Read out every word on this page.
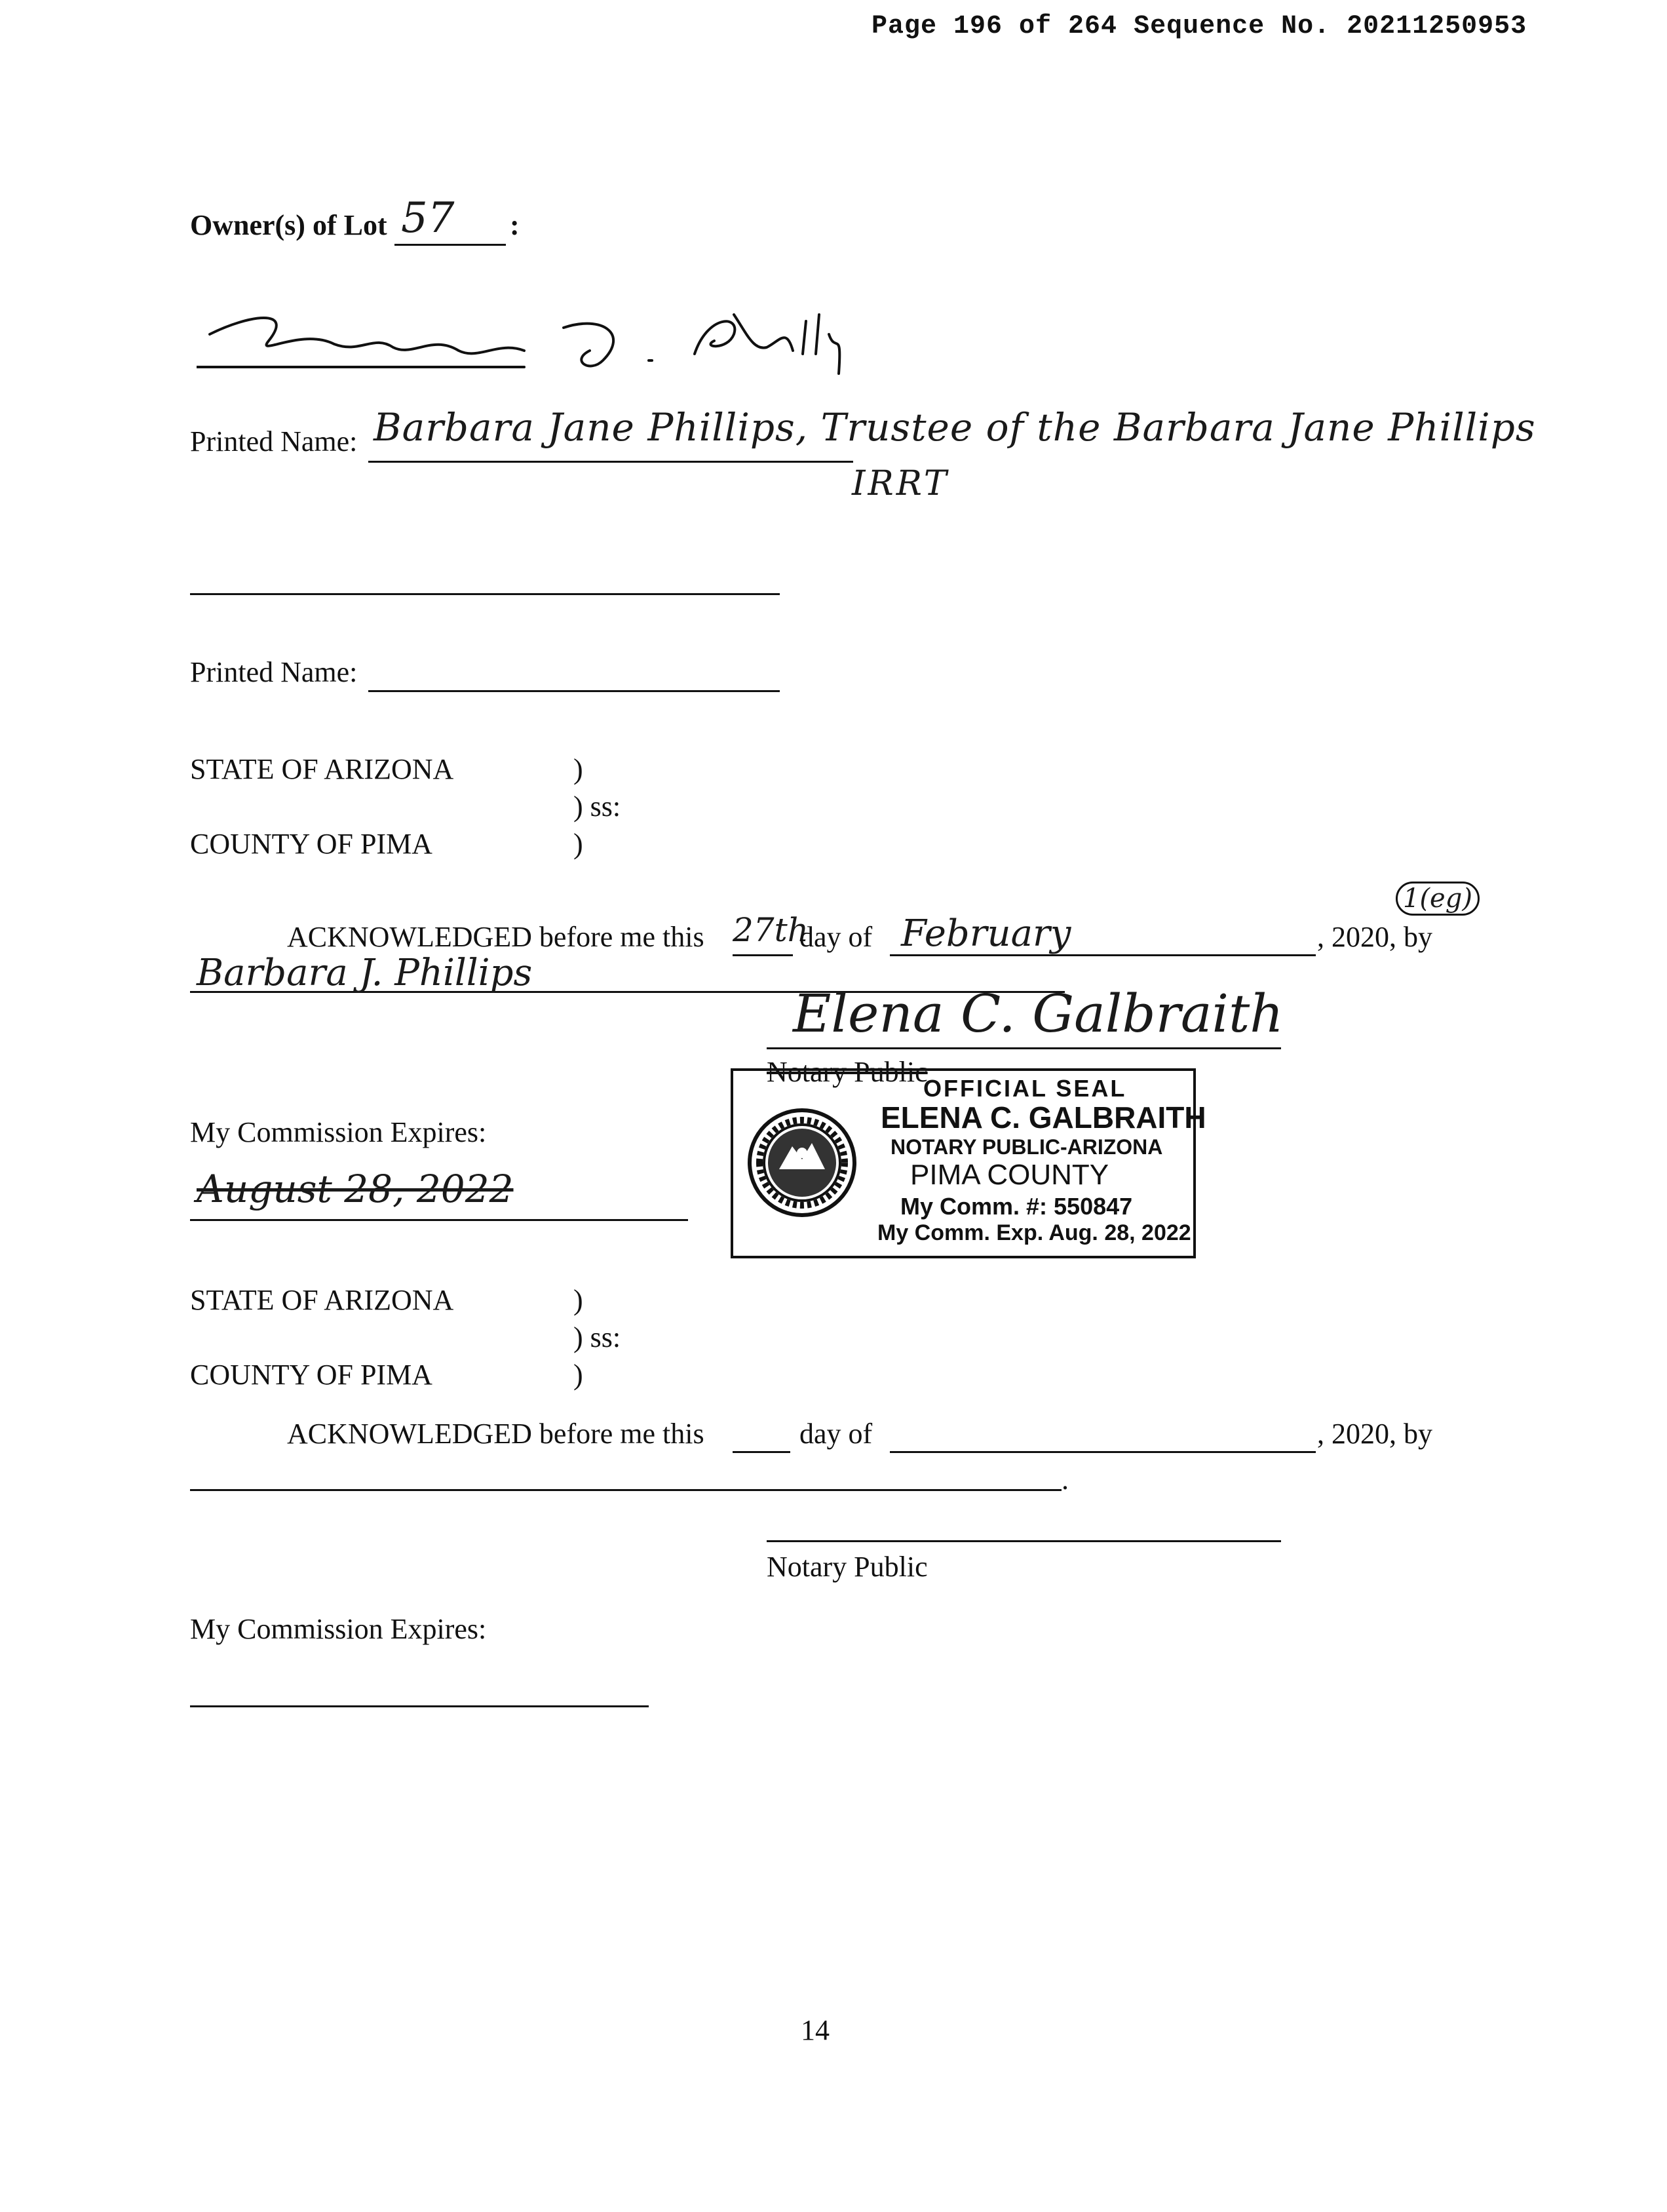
Page 196 of 264 Sequence No. 20211250953
Owner(s) of Lot 57 :
Printed Name: Barbara Jane Phillips, Trustee of the Barbara Jane Phillips
IRRT
Printed Name:
STATE OF ARIZONA	)
) ss:
COUNTY OF PIMA	)
ACKNOWLEDGED before me this 27th
day of February	, 2020, by
1(eg)
Barbara J. Phillips
Elena C. Galbraith
Notary Public
My Commission Expires:
August 28, 2022
OFFICIAL SEAL
ELENA C. GALBRAITH
NOTARY PUBLIC-ARIZONA
PIMA COUNTY
My Comm. #: 550847
My Comm. Exp. Aug. 28, 2022
STATE OF ARIZONA	)
) ss:
COUNTY OF PIMA	)
ACKNOWLEDGED before me this	day of	, 2020, by
.
Notary Public
My Commission Expires:
14
